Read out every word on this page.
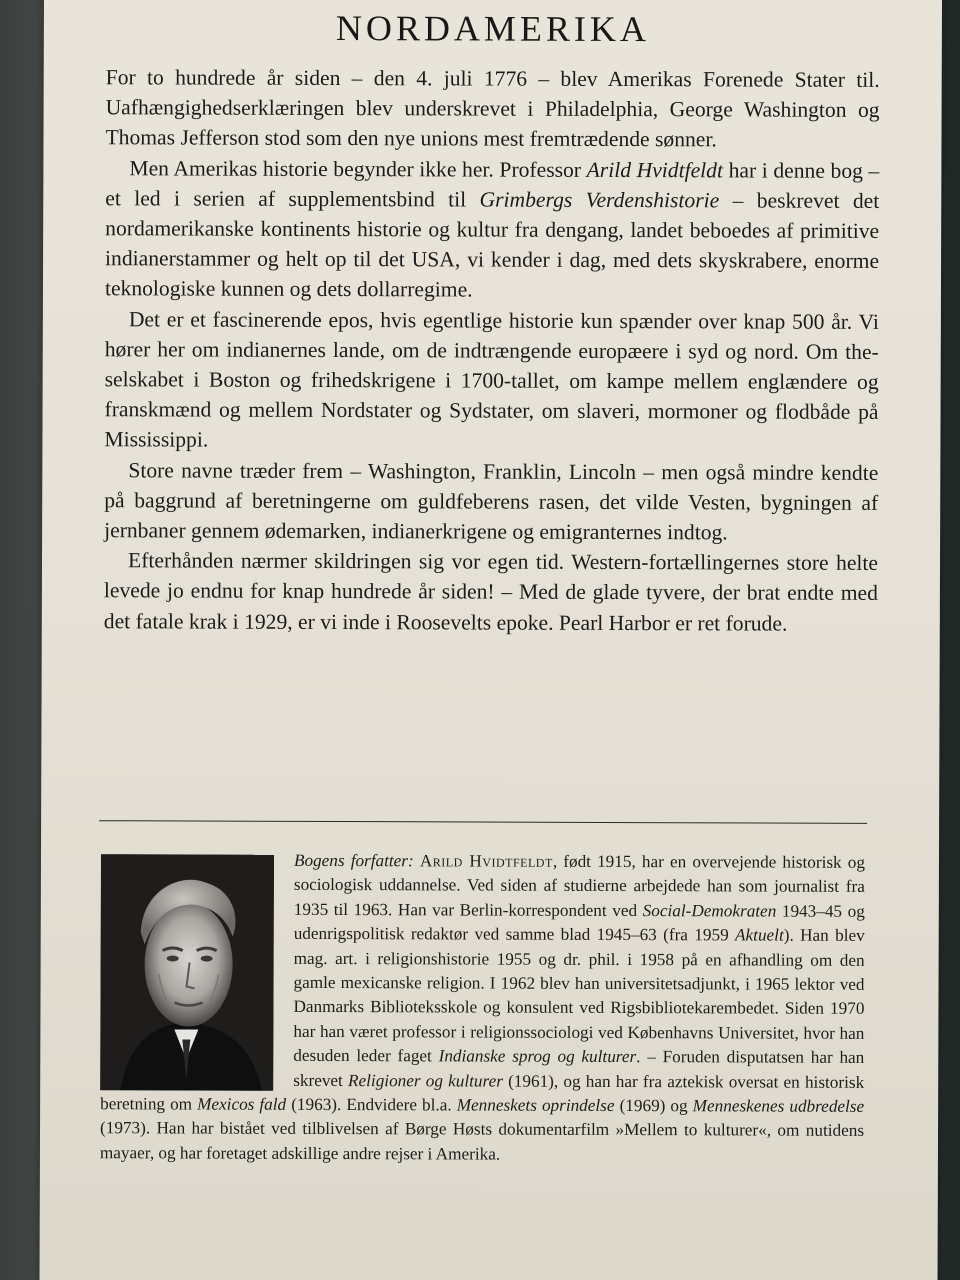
NORDAMERIKA

For to hundrede år siden – den 4. juli 1776 – blev Amerikas Forenede Stater til. Uafhængighedserklæringen blev underskrevet i Philadelphia, George Washington og Thomas Jefferson stod som den nye unions mest fremtrædende sønner.

Men Amerikas historie begynder ikke her. Professor Arild Hvidtfeldt har i denne bog – et led i serien af supplementsbind til Grimbergs Verdenshistorie – beskrevet det nordamerikanske kontinents historie og kultur fra dengang, landet beboedes af primitive indianerstammer og helt op til det USA, vi kender i dag, med dets skyskrabere, enorme teknologiske kunnen og dets dollarregime.

Det er et fascinerende epos, hvis egentlige historie kun spænder over knap 500 år. Vi hører her om indianernes lande, om de indtrængende europæere i syd og nord. Om the-selskabet i Boston og frihedskrigene i 1700-tallet, om kampe mellem englændere og franskmænd og mellem Nordstater og Sydstater, om slaveri, mormoner og flodbåde på Mississippi.

Store navne træder frem – Washington, Franklin, Lincoln – men også mindre kendte på baggrund af beretningerne om guldfeberens rasen, det vilde Vesten, bygningen af jernbaner gennem ødemarken, indianerkrigene og emigranternes indtog.

Efterhånden nærmer skildringen sig vor egen tid. Western-fortællingernes store helte levede jo endnu for knap hundrede år siden! – Med de glade tyvere, der brat endte med det fatale krak i 1929, er vi inde i Roosevelts epoke. Pearl Harbor er ret forude.

Bogens forfatter: Arild Hvidtfeldt, født 1915, har en overvejende historisk og sociologisk uddannelse. Ved siden af studierne arbejdede han som journalist fra 1935 til 1963. Han var Berlin-korrespondent ved Social-Demokraten 1943–45 og udenrigspolitisk redaktør ved samme blad 1945–63 (fra 1959 Aktuelt). Han blev mag. art. i religionshistorie 1955 og dr. phil. i 1958 på en afhandling om den gamle mexicanske religion. I 1962 blev han universitetsadjunkt, i 1965 lektor ved Danmarks Biblioteksskole og konsulent ved Rigsbibliotekarembedet. Siden 1970 har han været professor i religionssociologi ved Københavns Universitet, hvor han desuden leder faget Indianske sprog og kulturer. – Foruden disputatsen har han skrevet Religioner og kulturer (1961), og han har fra aztekisk oversat en historisk beretning om Mexicos fald (1963). Endvidere bl.a. Menneskets oprindelse (1969) og Menneskenes udbredelse (1973). Han har bistået ved tilblivelsen af Børge Høsts dokumentarfilm »Mellem to kulturer«, om nutidens mayaer, og har foretaget adskillige andre rejser i Amerika.
